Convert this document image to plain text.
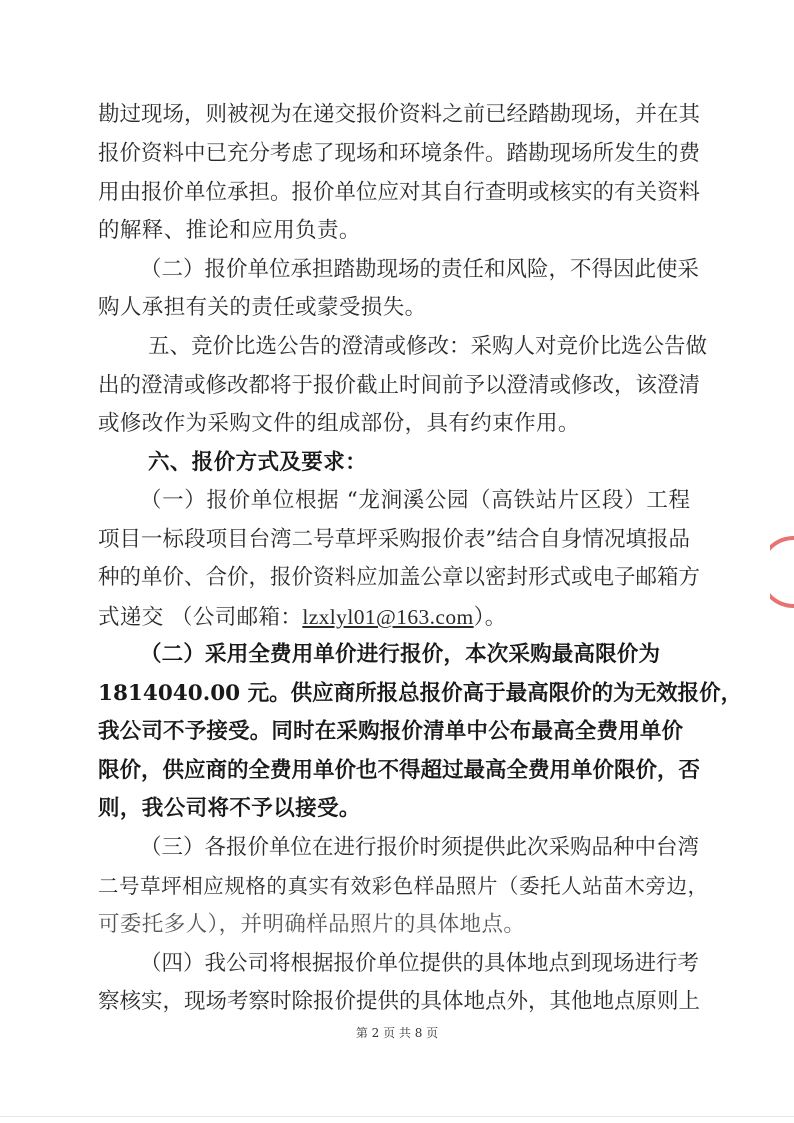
勘过现场，则被视为在递交报价资料之前已经踏勘现场，并在其
报价资料中已充分考虑了现场和环境条件。踏勘现场所发生的费
用由报价单位承担。报价单位应对其自行查明或核实的有关资料
的解释、推论和应用负责。
（二）报价单位承担踏勘现场的责任和风险，不得因此使采
购人承担有关的责任或蒙受损失。
五、竞价比选公告的澄清或修改：采购人对竞价比选公告做
出的澄清或修改都将于报价截止时间前予以澄清或修改，该澄清
或修改作为采购文件的组成部份，具有约束作用。
六、报价方式及要求：
（一）报价单位根据 “龙涧溪公园（高铁站片区段）工程
项目一标段项目台湾二号草坪采购报价表”结合自身情况填报品
种的单价、合价，报价资料应加盖公章以密封形式或电子邮箱方
式递交 （公司邮箱：lzxlyl01@163.com）。
（二）采用全费用单价进行报价，本次采购最高限价为
1814040.00 元。供应商所报总报价高于最高限价的为无效报价，
我公司不予接受。同时在采购报价清单中公布最高全费用单价
限价，供应商的全费用单价也不得超过最高全费用单价限价，否
则，我公司将不予以接受。
（三）各报价单位在进行报价时须提供此次采购品种中台湾
二号草坪相应规格的真实有效彩色样品照片（委托人站苗木旁边，
可委托多人），并明确样品照片的具体地点。
（四）我公司将根据报价单位提供的具体地点到现场进行考
察核实，现场考察时除报价提供的具体地点外，其他地点原则上
第 2 页 共 8 页
